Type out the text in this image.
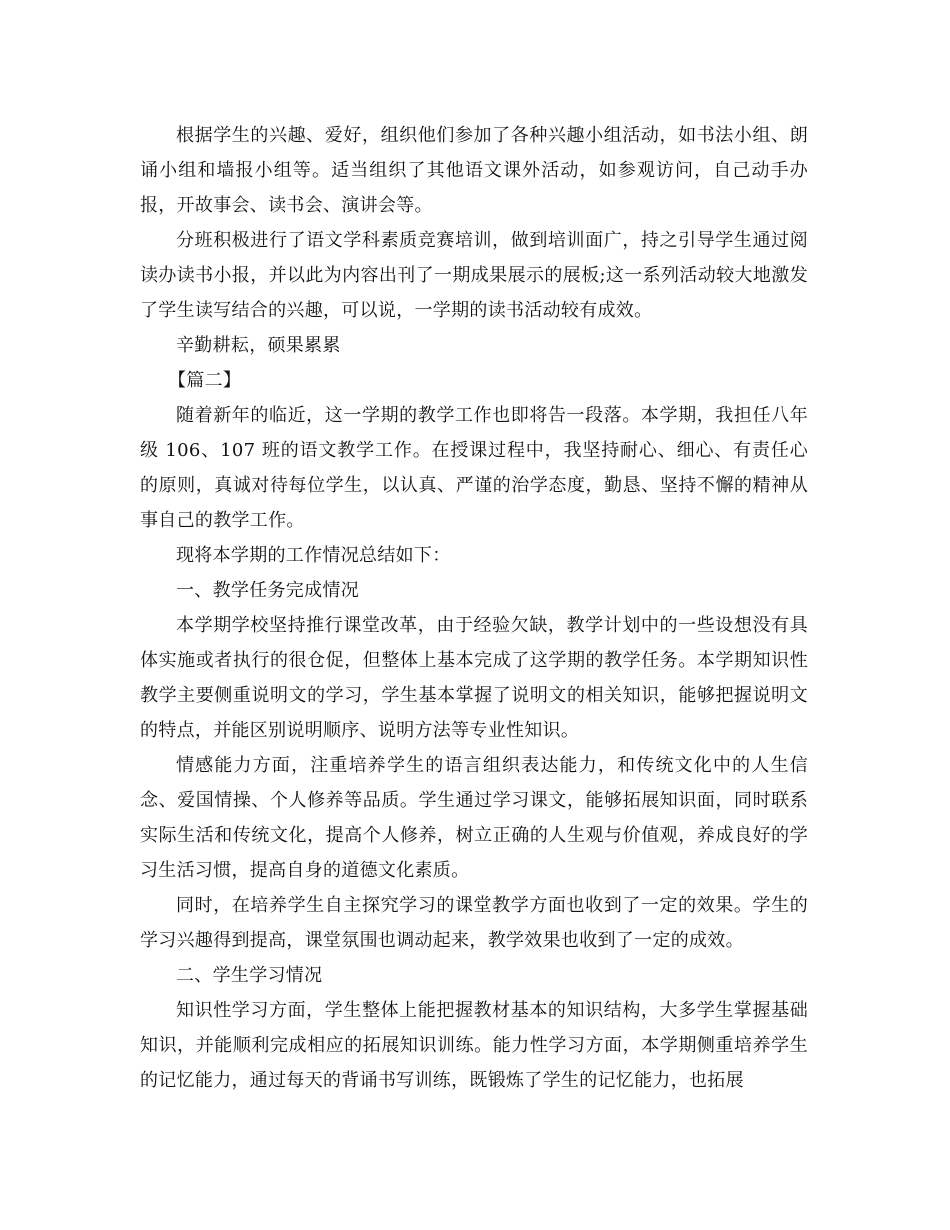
根据学生的兴趣、爱好，组织他们参加了各种兴趣小组活动，如书法小组、朗诵小组和墙报小组等。适当组织了其他语文课外活动，如参观访问，自己动手办报，开故事会、读书会、演讲会等。

分班积极进行了语文学科素质竞赛培训，做到培训面广，持之引导学生通过阅读办读书小报，并以此为内容出刊了一期成果展示的展板;这一系列活动较大地激发了学生读写结合的兴趣，可以说，一学期的读书活动较有成效。

辛勤耕耘，硕果累累

【篇二】

随着新年的临近，这一学期的教学工作也即将告一段落。本学期，我担任八年级 106、107 班的语文教学工作。在授课过程中，我坚持耐心、细心、有责任心的原则，真诚对待每位学生，以认真、严谨的治学态度，勤恳、坚持不懈的精神从事自己的教学工作。

现将本学期的工作情况总结如下：

一、教学任务完成情况

本学期学校坚持推行课堂改革，由于经验欠缺，教学计划中的一些设想没有具体实施或者执行的很仓促，但整体上基本完成了这学期的教学任务。本学期知识性教学主要侧重说明文的学习，学生基本掌握了说明文的相关知识，能够把握说明文的特点，并能区别说明顺序、说明方法等专业性知识。

情感能力方面，注重培养学生的语言组织表达能力，和传统文化中的人生信念、爱国情操、个人修养等品质。学生通过学习课文，能够拓展知识面，同时联系实际生活和传统文化，提高个人修养，树立正确的人生观与价值观，养成良好的学习生活习惯，提高自身的道德文化素质。

同时，在培养学生自主探究学习的课堂教学方面也收到了一定的效果。学生的学习兴趣得到提高，课堂氛围也调动起来，教学效果也收到了一定的成效。

二、学生学习情况

知识性学习方面，学生整体上能把握教材基本的知识结构，大多学生掌握基础知识，并能顺利完成相应的拓展知识训练。能力性学习方面，本学期侧重培养学生的记忆能力，通过每天的背诵书写训练，既锻炼了学生的记忆能力，也拓展
